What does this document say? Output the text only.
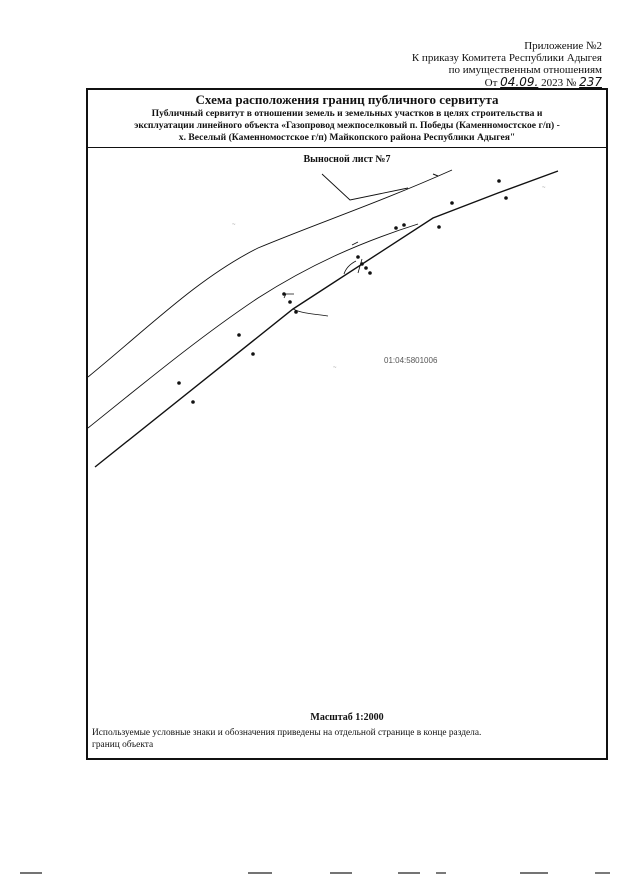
Приложение №2
К приказу Комитета Республики Адыгея
по имущественным отношениям
От 04.09. 2023 № 237
Схема расположения границ публичного сервитута
Публичный сервитут в отношении земель и земельных участков в целях строительства и
эксплуатации линейного объекта «Газопровод межпоселковый п. Победы (Каменномостское г/п) -
х. Веселый (Каменномостское г/п) Майкопского района Республики Адыгея"
~
~
~
Выносной лист №7
01:04:5801006
Масштаб 1:2000
Используемые условные знаки и обозначения приведены на отдельной странице в конце раздела.
границ объекта
